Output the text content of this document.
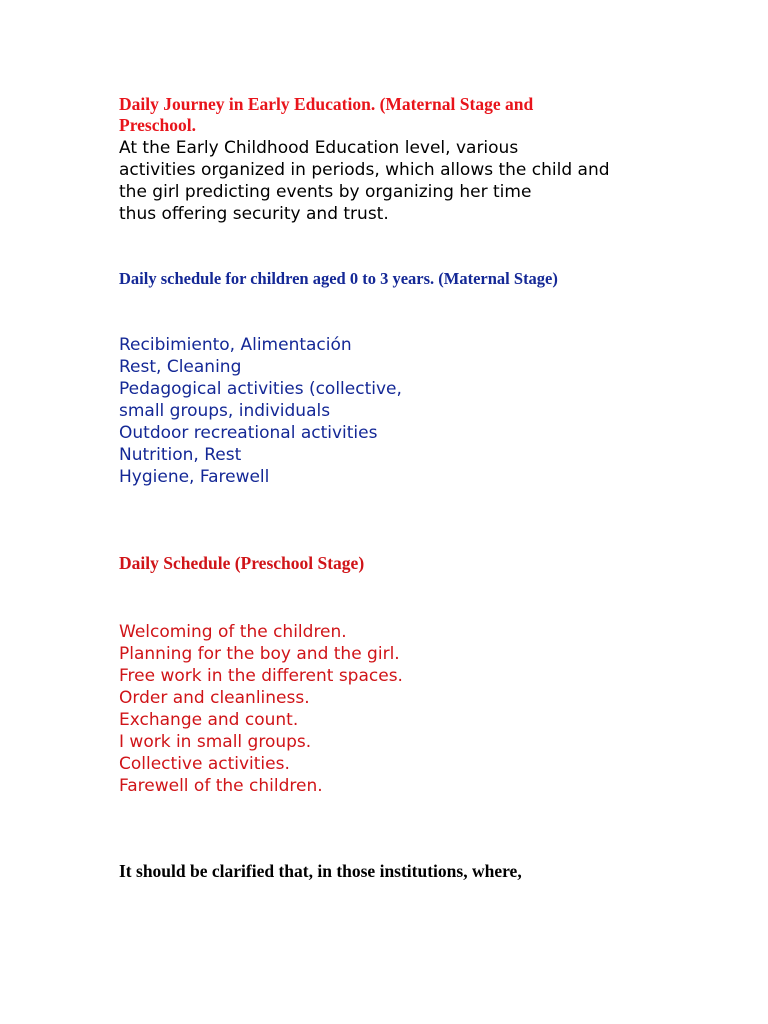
Daily Journey in Early Education. (Maternal Stage and
Preschool.
At the Early Childhood Education level, various
activities organized in periods, which allows the child and
the girl predicting events by organizing her time
thus offering security and trust.
Daily schedule for children aged 0 to 3 years. (Maternal Stage)
Recibimiento, Alimentación
Rest, Cleaning
Pedagogical activities (collective,
small groups, individuals
Outdoor recreational activities
Nutrition, Rest
Hygiene, Farewell
Daily Schedule (Preschool Stage)
Welcoming of the children.
Planning for the boy and the girl.
Free work in the different spaces.
Order and cleanliness.
Exchange and count.
I work in small groups.
Collective activities.
Farewell of the children.
It should be clarified that, in those institutions, where,
